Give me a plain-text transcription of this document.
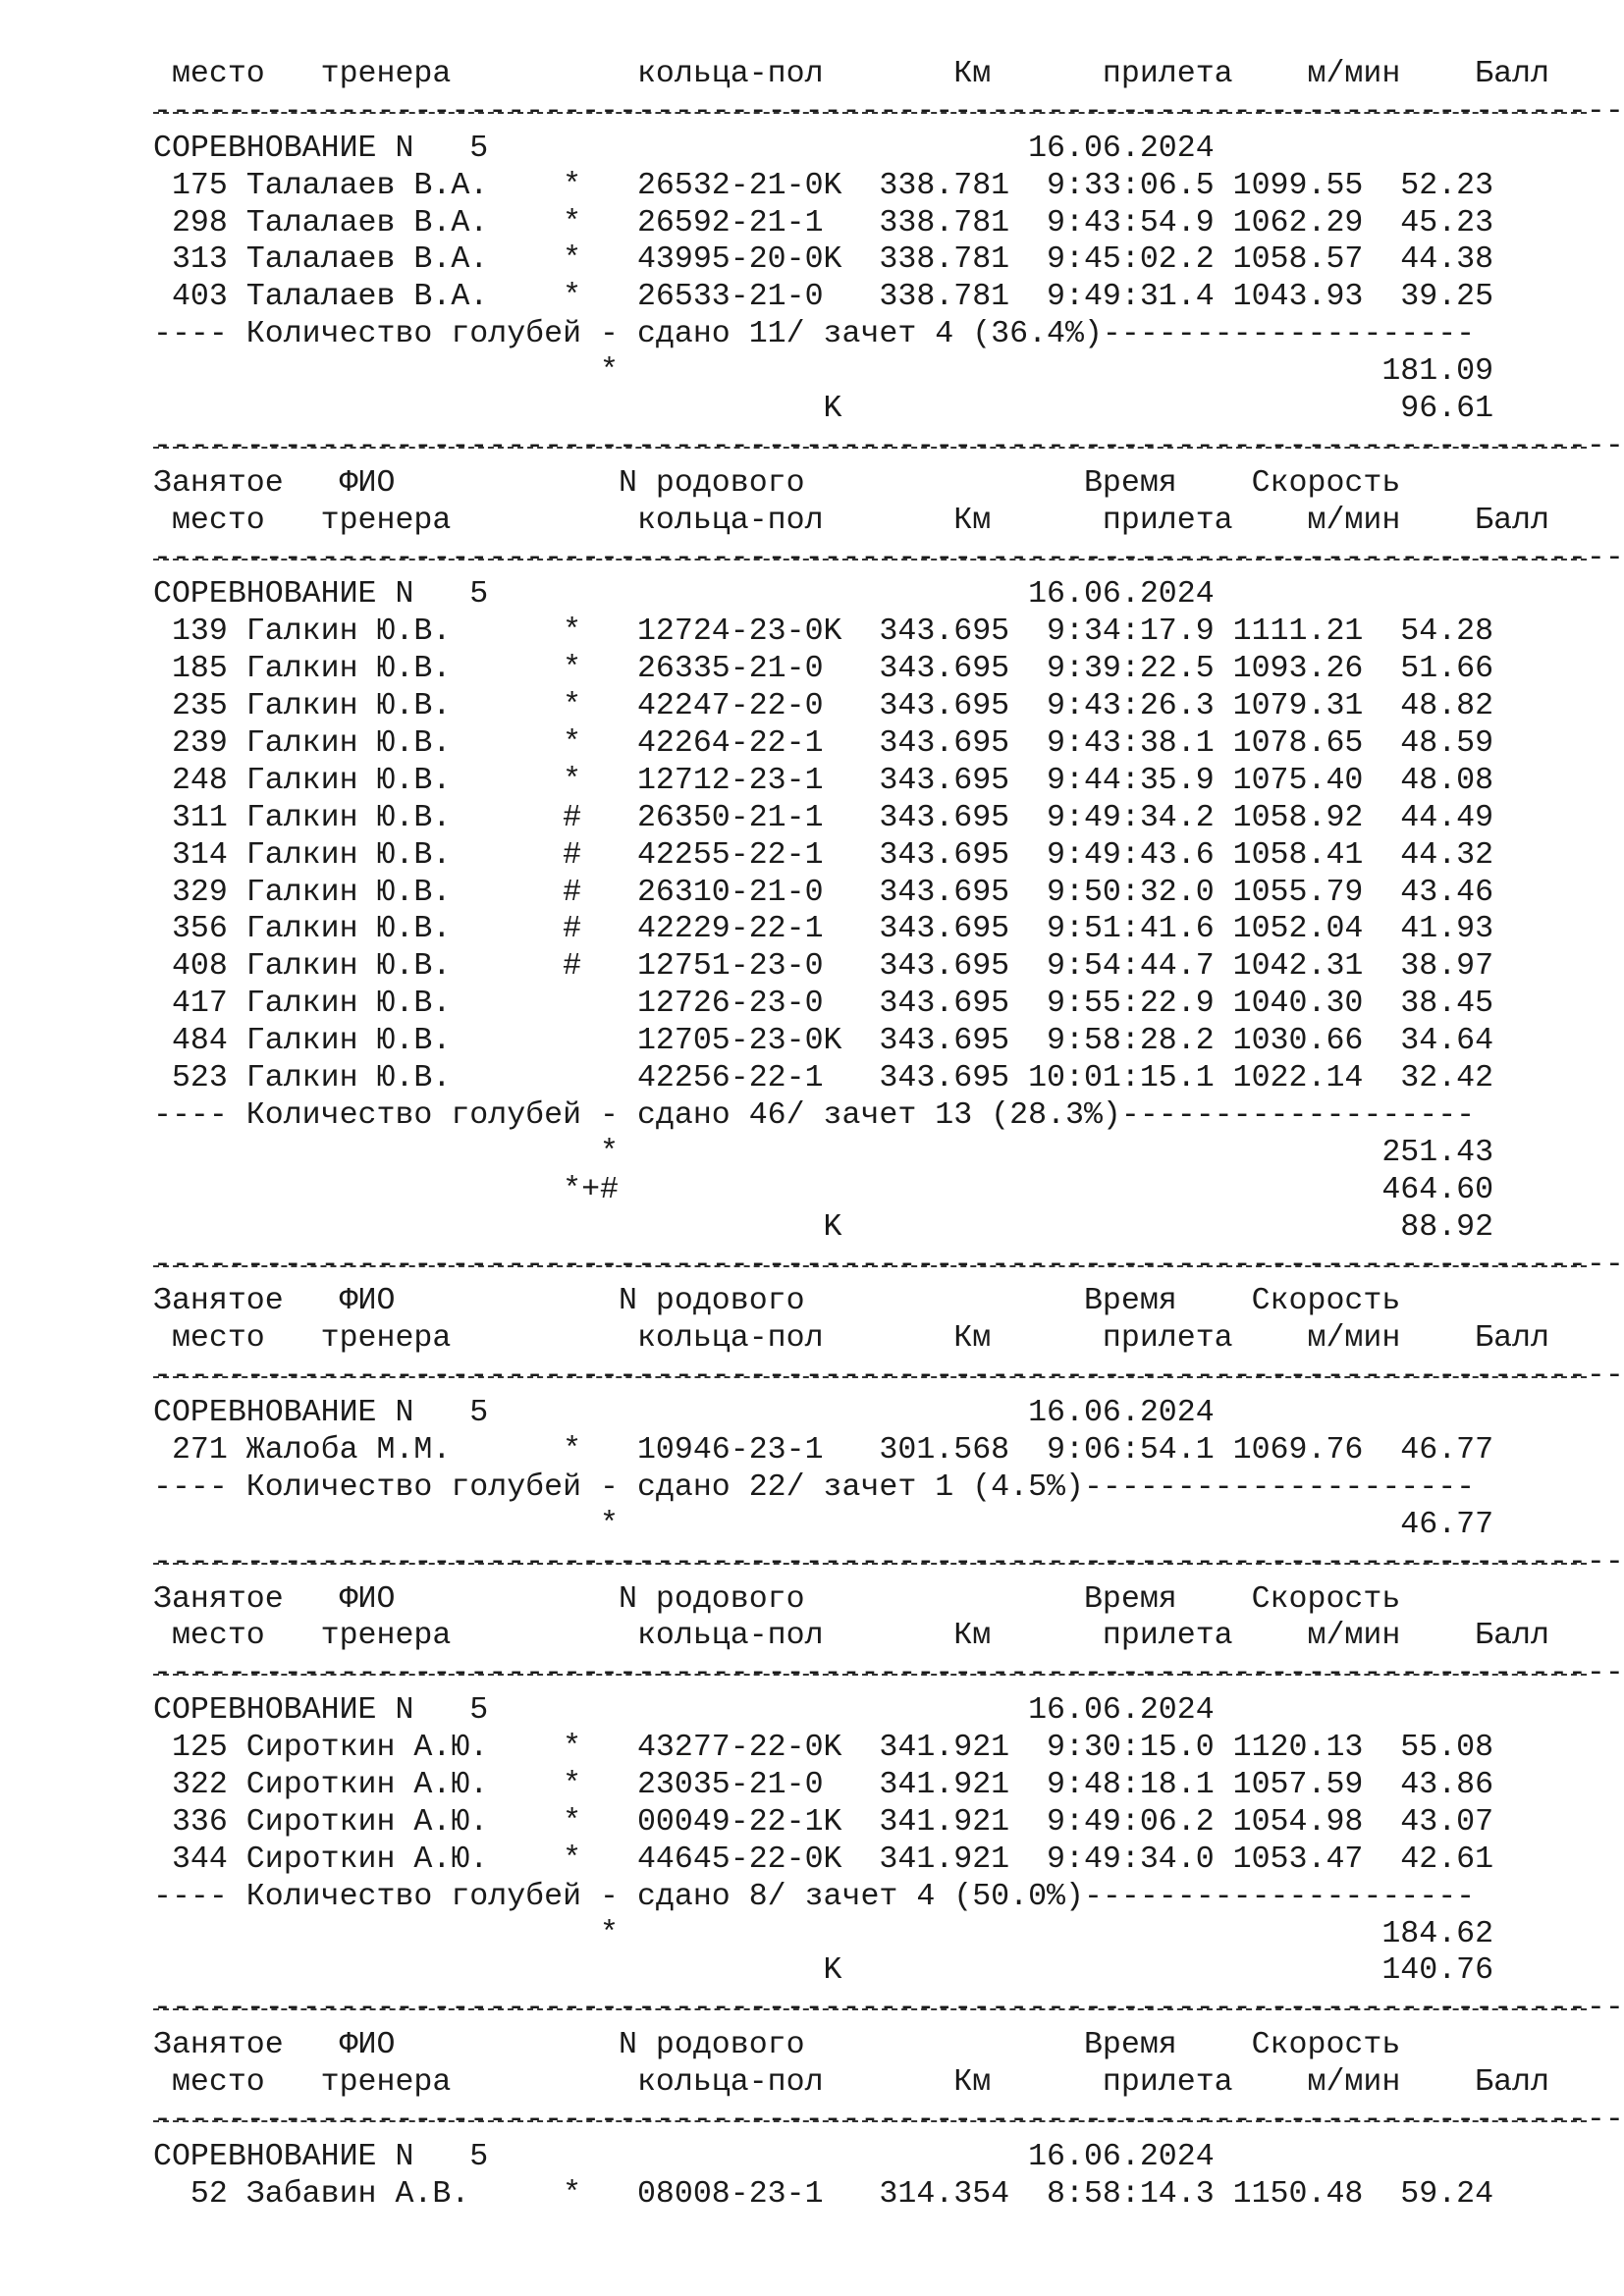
место   тренера          кольца-пол       Км      прилета    м/мин    Балл
-------------------------------------------------------------------------------
СОРЕВНОВАНИЕ N   5                             16.06.2024
175 Талалаев В.А.    *   26532-21-0K  338.781  9:33:06.5 1099.55  52.23
298 Талалаев В.А.    *   26592-21-1   338.781  9:43:54.9 1062.29  45.23
313 Талалаев В.А.    *   43995-20-0K  338.781  9:45:02.2 1058.57  44.38
403 Талалаев В.А.    *   26533-21-0   338.781  9:49:31.4 1043.93  39.25
---- Количество голубей - сдано 11/ зачет 4 (36.4%)--------------------
*                                         181.09
K                              96.61
-------------------------------------------------------------------------------
Занятое   ФИО            N родового               Время    Скорость
место   тренера          кольца-пол       Км      прилета    м/мин    Балл
-------------------------------------------------------------------------------
СОРЕВНОВАНИЕ N   5                             16.06.2024
139 Галкин Ю.В.      *   12724-23-0K  343.695  9:34:17.9 1111.21  54.28
185 Галкин Ю.В.      *   26335-21-0   343.695  9:39:22.5 1093.26  51.66
235 Галкин Ю.В.      *   42247-22-0   343.695  9:43:26.3 1079.31  48.82
239 Галкин Ю.В.      *   42264-22-1   343.695  9:43:38.1 1078.65  48.59
248 Галкин Ю.В.      *   12712-23-1   343.695  9:44:35.9 1075.40  48.08
311 Галкин Ю.В.      #   26350-21-1   343.695  9:49:34.2 1058.92  44.49
314 Галкин Ю.В.      #   42255-22-1   343.695  9:49:43.6 1058.41  44.32
329 Галкин Ю.В.      #   26310-21-0   343.695  9:50:32.0 1055.79  43.46
356 Галкин Ю.В.      #   42229-22-1   343.695  9:51:41.6 1052.04  41.93
408 Галкин Ю.В.      #   12751-23-0   343.695  9:54:44.7 1042.31  38.97
417 Галкин Ю.В.          12726-23-0   343.695  9:55:22.9 1040.30  38.45
484 Галкин Ю.В.          12705-23-0K  343.695  9:58:28.2 1030.66  34.64
523 Галкин Ю.В.          42256-22-1   343.695 10:01:15.1 1022.14  32.42
---- Количество голубей - сдано 46/ зачет 13 (28.3%)-------------------
*                                         251.43
*+#                                         464.60
K                              88.92
-------------------------------------------------------------------------------
Занятое   ФИО            N родового               Время    Скорость
место   тренера          кольца-пол       Км      прилета    м/мин    Балл
-------------------------------------------------------------------------------
СОРЕВНОВАНИЕ N   5                             16.06.2024
271 Жалоба М.М.      *   10946-23-1   301.568  9:06:54.1 1069.76  46.77
---- Количество голубей - сдано 22/ зачет 1 (4.5%)---------------------
*                                          46.77
-------------------------------------------------------------------------------
Занятое   ФИО            N родового               Время    Скорость
место   тренера          кольца-пол       Км      прилета    м/мин    Балл
-------------------------------------------------------------------------------
СОРЕВНОВАНИЕ N   5                             16.06.2024
125 Сироткин А.Ю.    *   43277-22-0K  341.921  9:30:15.0 1120.13  55.08
322 Сироткин А.Ю.    *   23035-21-0   341.921  9:48:18.1 1057.59  43.86
336 Сироткин А.Ю.    *   00049-22-1K  341.921  9:49:06.2 1054.98  43.07
344 Сироткин А.Ю.    *   44645-22-0K  341.921  9:49:34.0 1053.47  42.61
---- Количество голубей - сдано 8/ зачет 4 (50.0%)---------------------
*                                         184.62
K                             140.76
-------------------------------------------------------------------------------
Занятое   ФИО            N родового               Время    Скорость
место   тренера          кольца-пол       Км      прилета    м/мин    Балл
-------------------------------------------------------------------------------
СОРЕВНОВАНИЕ N   5                             16.06.2024
52 Забавин А.В.     *   08008-23-1   314.354  8:58:14.3 1150.48  59.24
